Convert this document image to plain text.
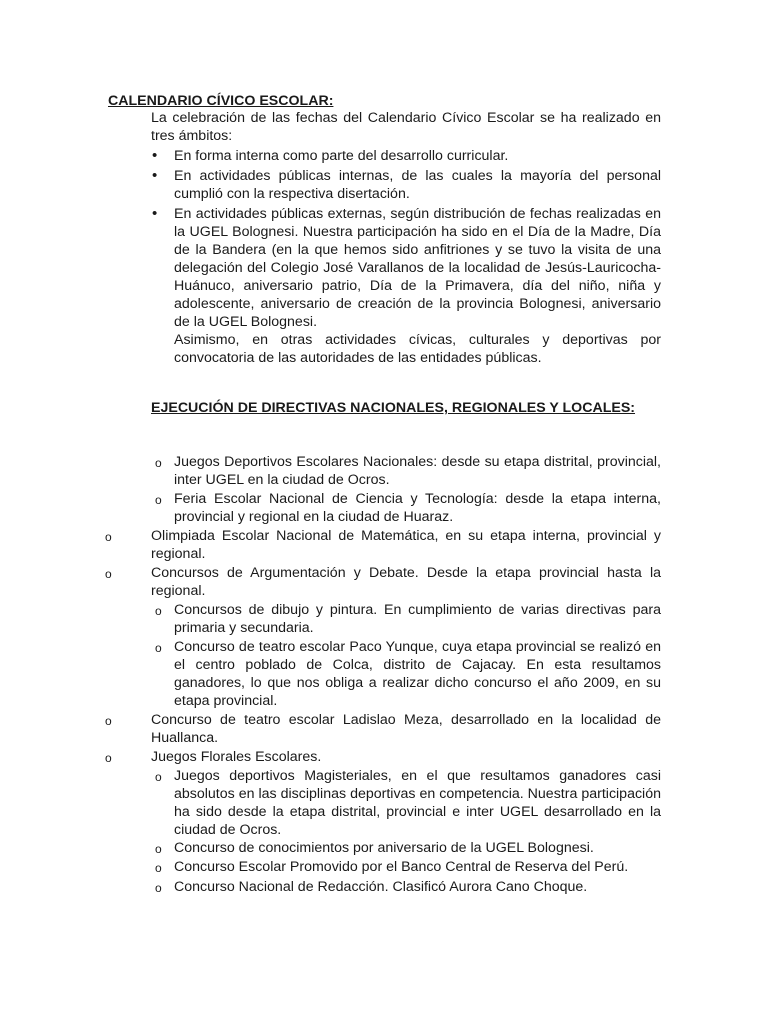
CALENDARIO CÍVICO ESCOLAR:
La celebración de las fechas del Calendario Cívico Escolar se ha realizado en tres ámbitos:
• En forma interna como parte del desarrollo curricular.
• En actividades públicas internas, de las cuales la mayoría del personal cumplió con la respectiva disertación.
• En actividades públicas externas, según distribución de fechas realizadas en la UGEL Bolognesi. Nuestra participación ha sido en el Día de la Madre, Día de la Bandera (en la que hemos sido anfitriones y se tuvo la visita de una delegación del Colegio José Varallanos de la localidad de Jesús-Lauricocha-Huánuco, aniversario patrio, Día de la Primavera, día del niño, niña y adolescente, aniversario de creación de la provincia Bolognesi, aniversario de la UGEL Bolognesi.
Asimismo, en otras actividades cívicas, culturales y deportivas por convocatoria de las autoridades de las entidades públicas.
EJECUCIÓN DE DIRECTIVAS NACIONALES, REGIONALES Y LOCALES:
o Juegos Deportivos Escolares Nacionales: desde su etapa distrital, provincial, inter UGEL en la ciudad de Ocros.
o Feria Escolar Nacional de Ciencia y Tecnología: desde la etapa interna, provincial y regional en la ciudad de Huaraz.
o	Olimpiada Escolar Nacional de Matemática, en su etapa interna, provincial y regional.
o	Concursos de Argumentación y Debate. Desde la etapa provincial hasta la regional.
o Concursos de dibujo y pintura. En cumplimiento de varias directivas para primaria y secundaria.
o Concurso de teatro escolar Paco Yunque, cuya etapa provincial se realizó en el centro poblado de Colca, distrito de Cajacay. En esta resultamos ganadores, lo que nos obliga a realizar dicho concurso el año 2009, en su etapa provincial.
o	Concurso de teatro escolar Ladislao Meza, desarrollado en la localidad de Huallanca.
o	Juegos Florales Escolares.
o Juegos deportivos Magisteriales, en el que resultamos ganadores casi absolutos en las disciplinas deportivas en competencia. Nuestra participación ha sido desde la etapa distrital, provincial e inter UGEL desarrollado en la ciudad de Ocros.
o Concurso de conocimientos por aniversario de la UGEL Bolognesi.
o Concurso Escolar Promovido por el Banco Central de Reserva del Perú.
o Concurso Nacional de Redacción. Clasificó Aurora Cano Choque.
